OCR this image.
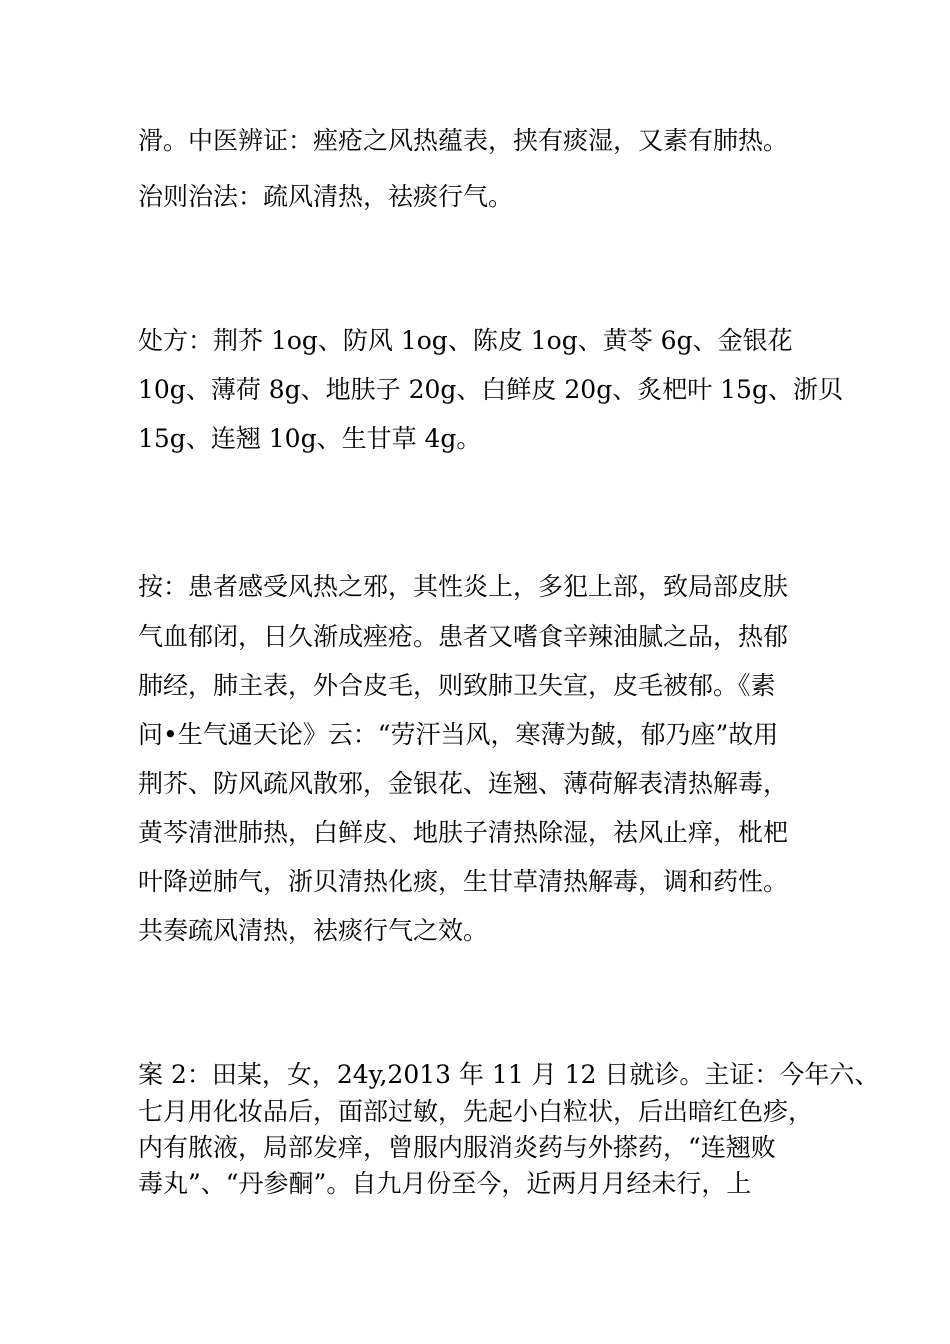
滑。中医辨证：痤疮之风热蕴表，挟有痰湿，又素有肺热。
治则治法：疏风清热，祛痰行气。
处方：荆芥 1og、防风 1og、陈皮 1og、黄苓 6g、金银花
10g、薄荷 8g、地肤子 20g、白鲜皮 20g、炙杷叶 15g、浙贝
15g、连翘 10g、生甘草 4g。
按：患者感受风热之邪，其性炎上，多犯上部，致局部皮肤
气血郁闭，日久渐成痤疮。患者又嗜食辛辣油腻之品，热郁
肺经，肺主表，外合皮毛，则致肺卫失宣，皮毛被郁。《素
问•生气通天论》云：“劳汗当风，寒薄为皶，郁乃座”故用
荆芥、防风疏风散邪，金银花、连翘、薄荷解表清热解毒，
黄芩清泄肺热，白鲜皮、地肤子清热除湿，祛风止痒，枇杷
叶降逆肺气，浙贝清热化痰，生甘草清热解毒，调和药性。
共奏疏风清热，祛痰行气之效。
案 2：田某，女，24y,2013 年 11 月 12 日就诊。主证：今年六、
七月用化妆品后，面部过敏，先起小白粒状，后出暗红色疹，
内有脓液，局部发痒，曾服内服消炎药与外搽药，“连翘败
毒丸”、“丹参酮”。自九月份至今，近两月月经未行，上
